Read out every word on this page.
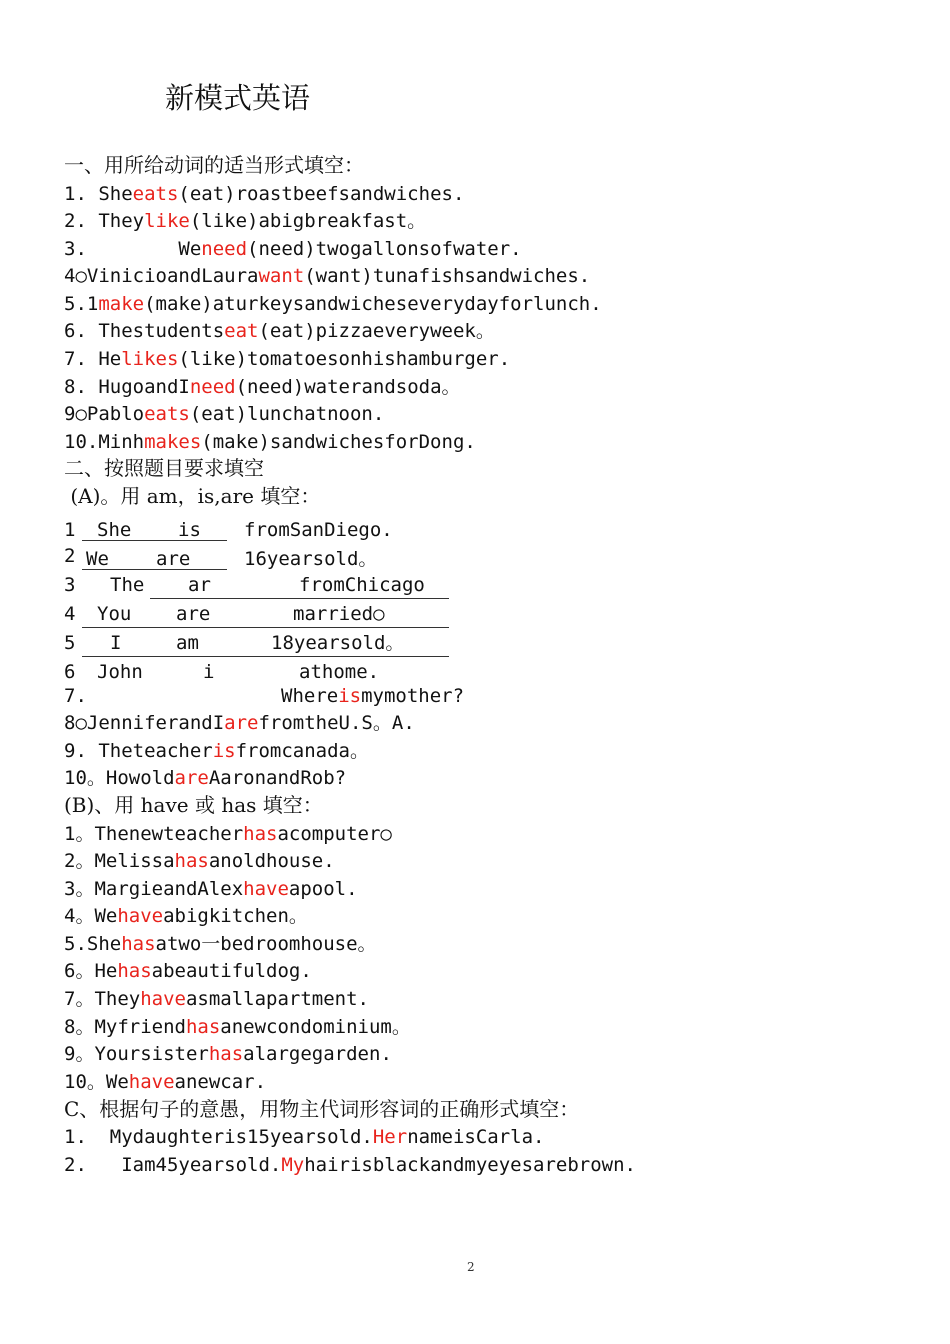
新模式英语
一、用所给动词的适当形式填空：
1. Sheeats(eat)roastbeefsandwiches.
2. Theylike(like)abigbreakfast。
3.        Weneed(need)twogallonsofwater.
4○VinicioandLaurawant(want)tunafishsandwiches.
5.1make(make)aturkeysandwicheseverydayforlunch.
6. Thestudentseat(eat)pizzaeveryweek。
7. Helikes(like)tomatoesonhishamburger.
8. HugoandIneed(need)waterandsoda。
9○Pabloeats(eat)lunchatnoon.
10.Minhmakes(make)sandwichesforDong.
二、按照题目要求填空
(A)。用 am，is,are 填空：
1 She is fromSanDiego.
2 We are	16yearsold。
3 The ar	fromChicago
4 You are	married○
5 I	am	18yearsold。
6 John	i	athome.
7.	Whereismymother?
8○JenniferandIarefromtheU.S。A.
9. Theteacherisfromcanada。
10。HowoldareAaronandRob?
(B)、用 have 或 has 填空：
1。Thenewteacherhasacomputer○
2。Melissahasanoldhouse.
3。MargieandAlexhaveapool.
4。Wehaveabigkitchen。
5.Shehasatwo一bedroomhouse。
6。Hehasabeautifuldog.
7。Theyhaveasmallapartment.
8。Myfriendhasanewcondominium。
9。Yoursisterhasalargegarden.
10。Wehaveanewcar.
C、根据句子的意愚，用物主代词形容词的正确形式填空：
1.  Mydaughteris15yearsold.HernameisCarla.
2.   Iam45yearsold.Myhairisblackandmyeyesarebrown.
2
